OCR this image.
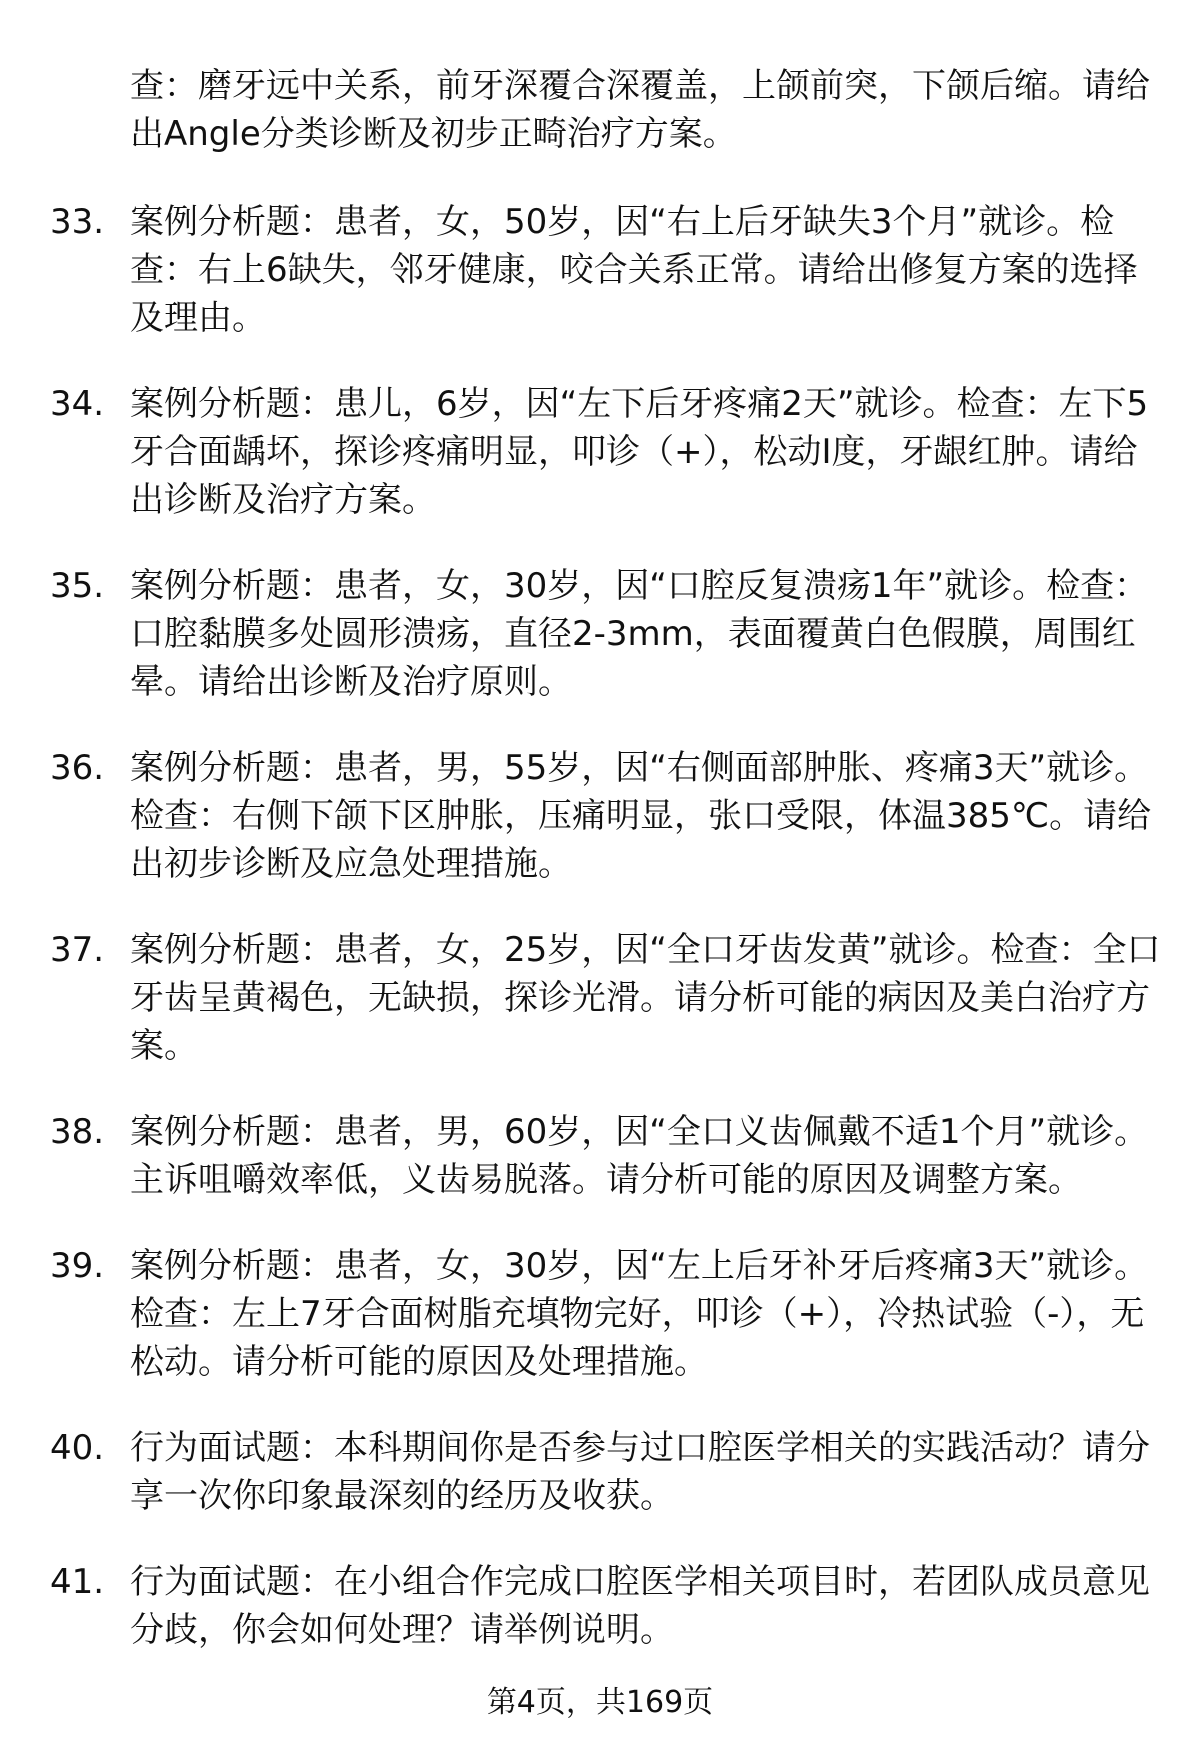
查：磨牙远中关系，前牙深覆合深覆盖，上颌前突，下颌后缩。请给出Angle分类诊断及初步正畸治疗方案。
33. 案例分析题：患者，女，50岁，因“右上后牙缺失3个月”就诊。检查：右上6缺失，邻牙健康，咬合关系正常。请给出修复方案的选择及理由。
34. 案例分析题：患儿，6岁，因“左下后牙疼痛2天”就诊。检查：左下5牙合面龋坏，探诊疼痛明显，叩诊（+），松动Ⅰ度，牙龈红肿。请给出诊断及治疗方案。
35. 案例分析题：患者，女，30岁，因“口腔反复溃疡1年”就诊。检查：口腔黏膜多处圆形溃疡，直径2-3mm，表面覆黄白色假膜，周围红晕。请给出诊断及治疗原则。
36. 案例分析题：患者，男，55岁，因“右侧面部肿胀、疼痛3天”就诊。检查：右侧下颌下区肿胀，压痛明显，张口受限，体温385℃。请给出初步诊断及应急处理措施。
37. 案例分析题：患者，女，25岁，因“全口牙齿发黄”就诊。检查：全口牙齿呈黄褐色，无缺损，探诊光滑。请分析可能的病因及美白治疗方案。
38. 案例分析题：患者，男，60岁，因“全口义齿佩戴不适1个月”就诊。主诉咀嚼效率低，义齿易脱落。请分析可能的原因及调整方案。
39. 案例分析题：患者，女，30岁，因“左上后牙补牙后疼痛3天”就诊。检查：左上7牙合面树脂充填物完好，叩诊（+），冷热试验（-），无松动。请分析可能的原因及处理措施。
40. 行为面试题：本科期间你是否参与过口腔医学相关的实践活动？请分享一次你印象最深刻的经历及收获。
41. 行为面试题：在小组合作完成口腔医学相关项目时，若团队成员意见分歧，你会如何处理？请举例说明。
第4页，共169页
